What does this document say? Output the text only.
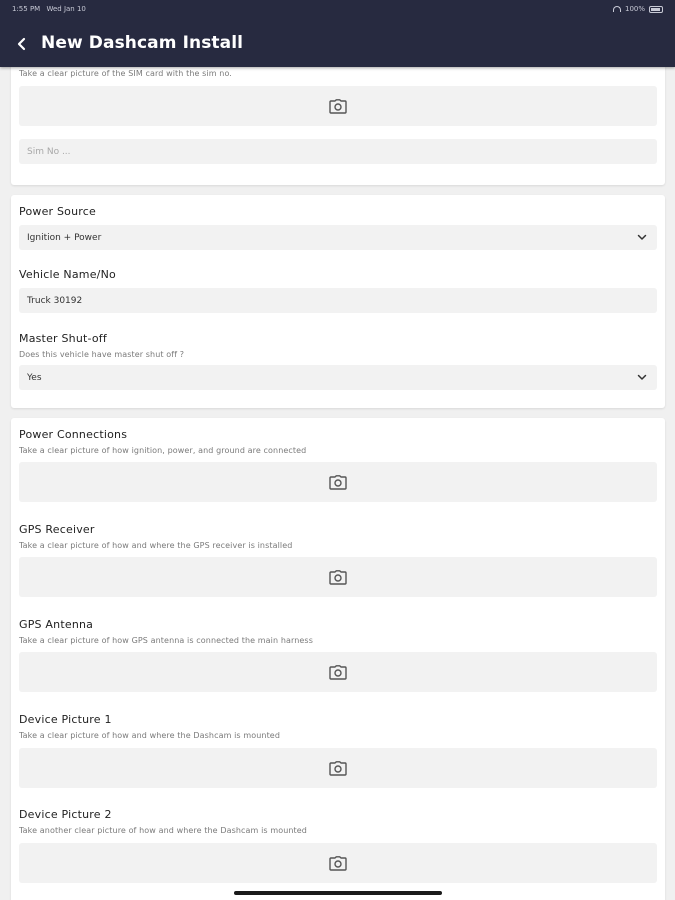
1:55 PM Wed Jan 10	100%
New Dashcam Install
Take a clear picture of the SIM card with the sim no.
Sim No ...
Power Source
Ignition + Power
Vehicle Name/No
Truck 30192
Master Shut-off
Does this vehicle have master shut off ?
Yes
Power Connections
Take a clear picture of how ignition, power, and ground are connected
GPS Receiver
Take a clear picture of how and where the GPS receiver is installed
GPS Antenna
Take a clear picture of how GPS antenna is connected the main harness
Device Picture 1
Take a clear picture of how and where the Dashcam is mounted
Device Picture 2
Take another clear picture of how and where the Dashcam is mounted
